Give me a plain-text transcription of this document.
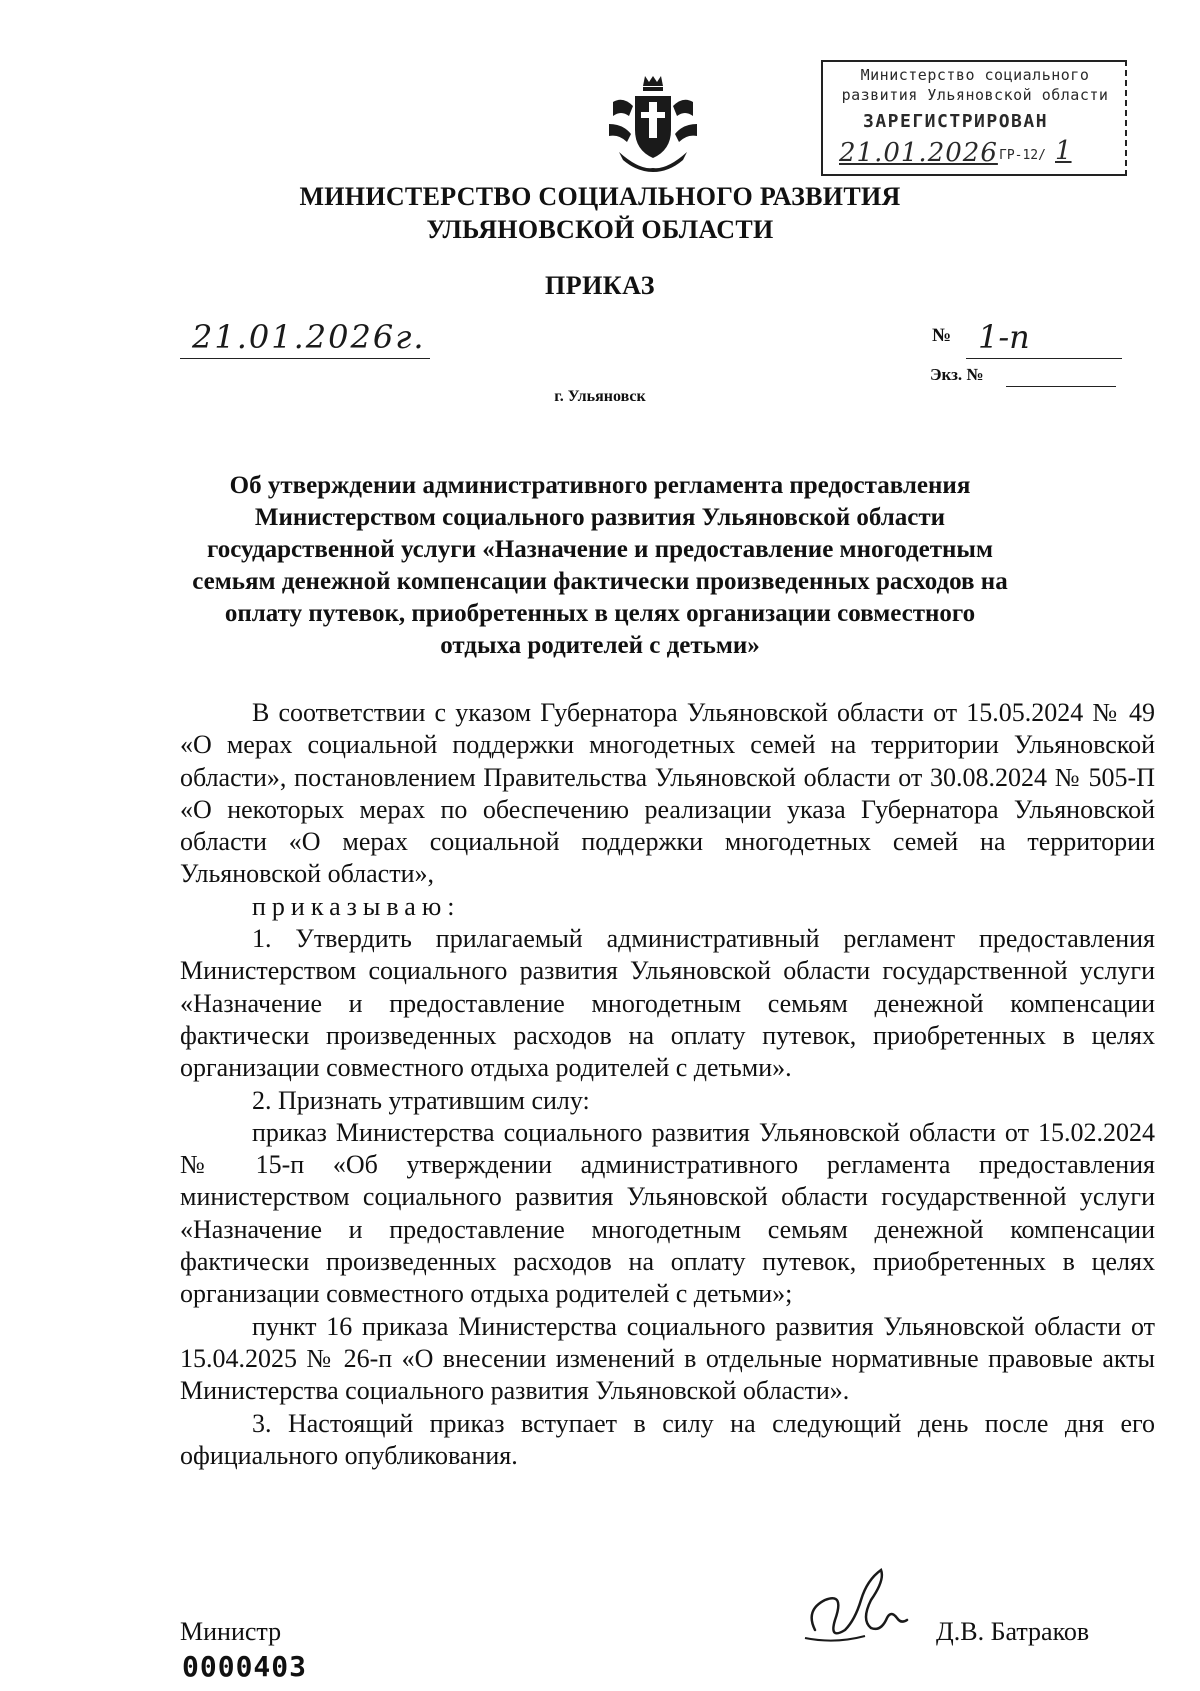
Министерство социального
развития Ульяновской области
ЗАРЕГИСТРИРОВАН
21.01.2026 ГР-12/ 1
МИНИСТЕРСТВО СОЦИАЛЬНОГО РАЗВИТИЯ
УЛЬЯНОВСКОЙ ОБЛАСТИ
ПРИКАЗ
21.01.2026г.	№ 1-п
Экз. №
г. Ульяновск
Об утверждении административного регламента предоставления Министерством социального развития Ульяновской области государственной услуги «Назначение и предоставление многодетным семьям денежной компенсации фактически произведенных расходов на оплату путевок, приобретенных в целях организации совместного отдыха родителей с детьми»

В соответствии с указом Губернатора Ульяновской области от 15.05.2024 № 49 «О мерах социальной поддержки многодетных семей на территории Ульяновской области», постановлением Правительства Ульяновской области от 30.08.2024 № 505-П «О некоторых мерах по обеспечению реализации указа Губернатора Ульяновской области «О мерах социальной поддержки многодетных семей на территории Ульяновской области»,

приказываю:

1. Утвердить прилагаемый административный регламент предоставления Министерством социального развития Ульяновской области государственной услуги «Назначение и предоставление многодетным семьям денежной компенсации фактически произведенных расходов на оплату путевок, приобретенных в целях организации совместного отдыха родителей с детьми».

2. Признать утратившим силу:

приказ Министерства социального развития Ульяновской области от 15.02.2024 № 15-п «Об утверждении административного регламента предоставления министерством социального развития Ульяновской области государственной услуги «Назначение и предоставление многодетным семьям денежной компенсации фактически произведенных расходов на оплату путевок, приобретенных в целях организации совместного отдыха родителей с детьми»;

пункт 16 приказа Министерства социального развития Ульяновской области от 15.04.2025 № 26-п «О внесении изменений в отдельные нормативные правовые акты Министерства социального развития Ульяновской области».

3. Настоящий приказ вступает в силу на следующий день после дня его официального опубликования.

Министр	Д.В. Батраков
0000403
